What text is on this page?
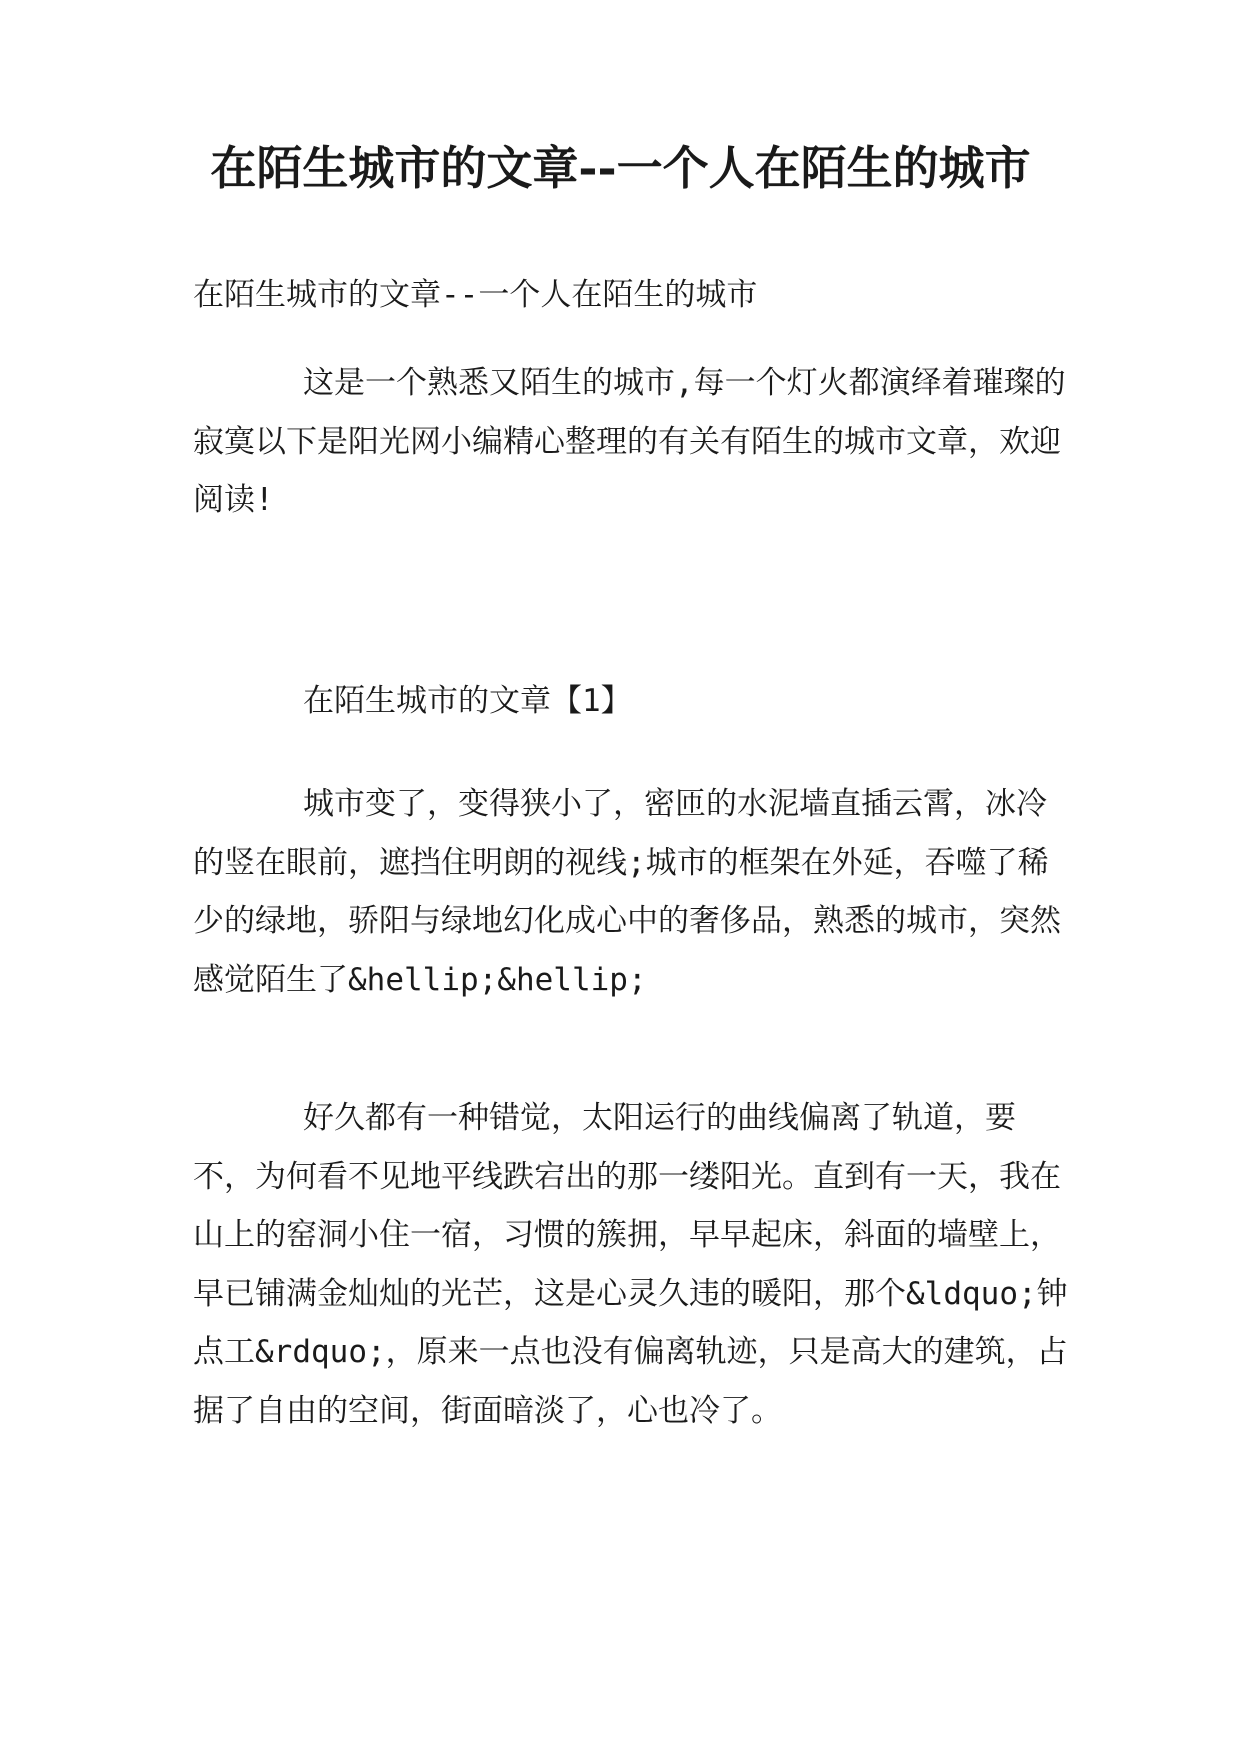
在陌生城市的文章--一个人在陌生的城市

在陌生城市的文章--一个人在陌生的城市

这是一个熟悉又陌生的城市,每一个灯火都演绎着璀璨的寂寞以下是阳光网小编精心整理的有关有陌生的城市文章，欢迎阅读!

在陌生城市的文章【1】

城市变了，变得狭小了，密匝的水泥墙直插云霄，冰冷的竖在眼前，遮挡住明朗的视线;城市的框架在外延，吞噬了稀少的绿地，骄阳与绿地幻化成心中的奢侈品，熟悉的城市，突然感觉陌生了&hellip;&hellip;

好久都有一种错觉，太阳运行的曲线偏离了轨道，要不，为何看不见地平线跌宕出的那一缕阳光。直到有一天，我在山上的窑洞小住一宿，习惯的簇拥，早早起床，斜面的墙壁上，早已铺满金灿灿的光芒，这是心灵久违的暖阳，那个&ldquo;钟点工&rdquo;，原来一点也没有偏离轨迹，只是高大的建筑，占据了自由的空间，街面暗淡了，心也冷了。
